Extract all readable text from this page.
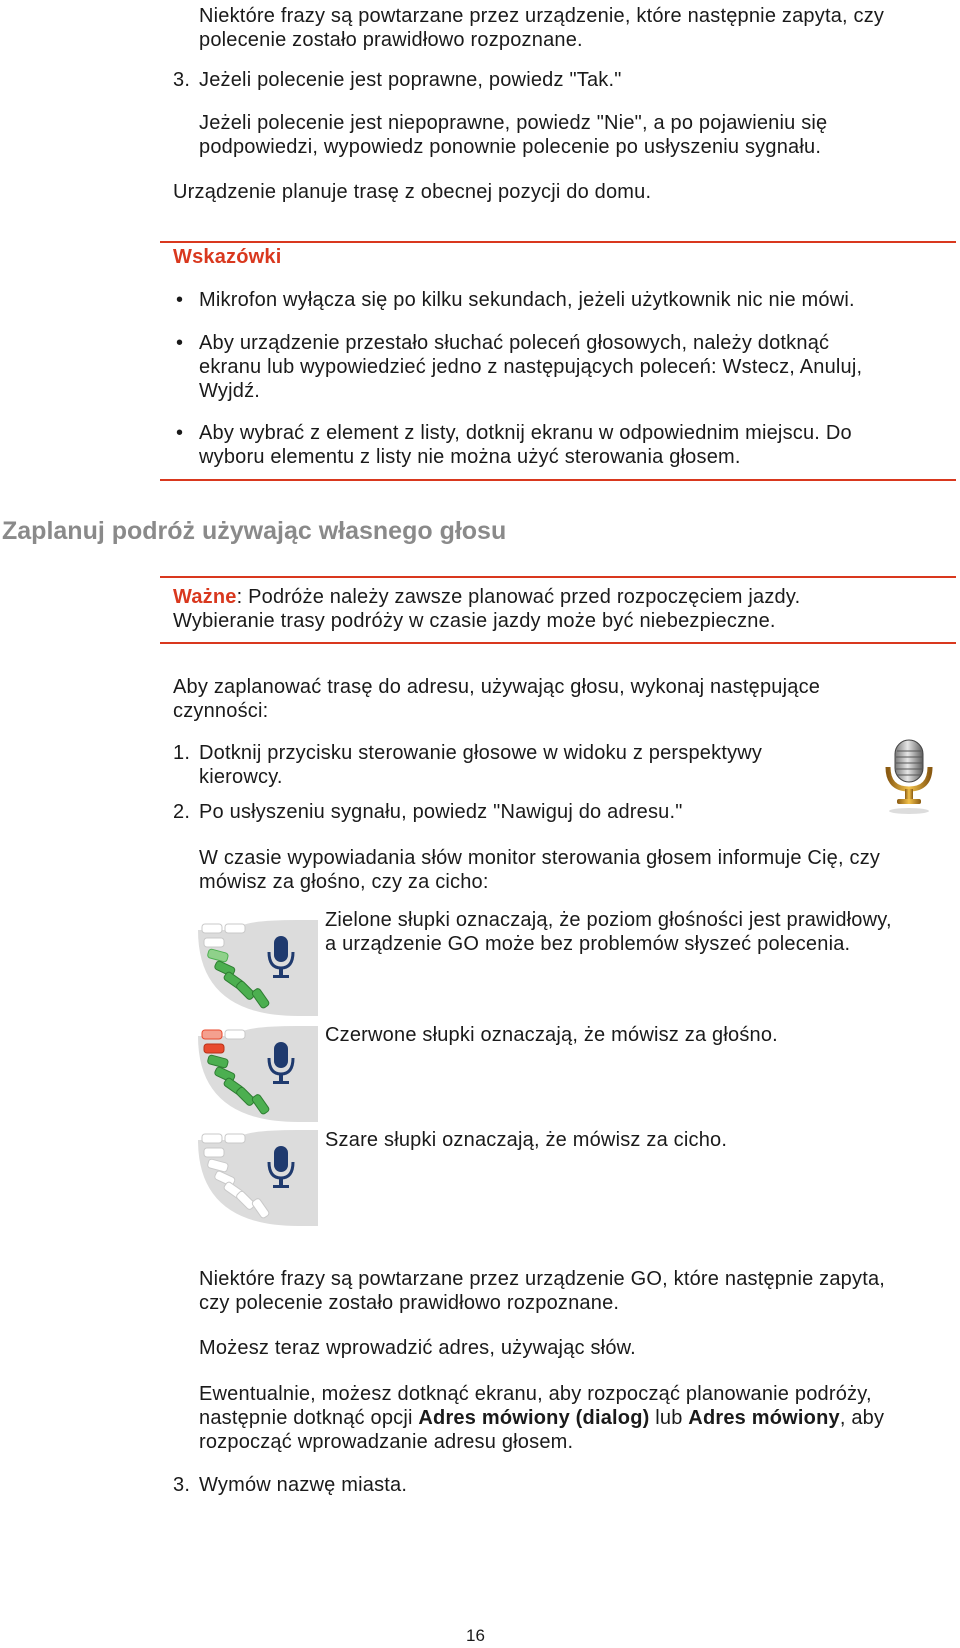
Niektóre frazy są powtarzane przez urządzenie, które następnie zapyta, czy
polecenie zostało prawidłowo rozpoznane.
3. Jeżeli polecenie jest poprawne, powiedz "Tak."
Jeżeli polecenie jest niepoprawne, powiedz "Nie", a po pojawieniu się
podpowiedzi, wypowiedz ponownie polecenie po usłyszeniu sygnału.
Urządzenie planuje trasę z obecnej pozycji do domu.
Wskazówki
• Mikrofon wyłącza się po kilku sekundach, jeżeli użytkownik nic nie mówi.
• Aby urządzenie przestało słuchać poleceń głosowych, należy dotknąć
ekranu lub wypowiedzieć jedno z następujących poleceń: Wstecz, Anuluj,
Wyjdź.
• Aby wybrać z element z listy, dotknij ekranu w odpowiednim miejscu. Do
wyboru elementu z listy nie można użyć sterowania głosem.
Zaplanuj podróż używając własnego głosu
Ważne: Podróże należy zawsze planować przed rozpoczęciem jazdy.
Wybieranie trasy podróży w czasie jazdy może być niebezpieczne.
Aby zaplanować trasę do adresu, używając głosu, wykonaj następujące
czynności:
1. Dotknij przycisku sterowanie głosowe w widoku z perspektywy
kierowcy.
2. Po usłyszeniu sygnału, powiedz "Nawiguj do adresu."
W czasie wypowiadania słów monitor sterowania głosem informuje Cię, czy
mówisz za głośno, czy za cicho:
Zielone słupki oznaczają, że poziom głośności jest prawidłowy,
a urządzenie GO może bez problemów słyszeć polecenia.
Czerwone słupki oznaczają, że mówisz za głośno.
Szare słupki oznaczają, że mówisz za cicho.
Niektóre frazy są powtarzane przez urządzenie GO, które następnie zapyta,
czy polecenie zostało prawidłowo rozpoznane.
Możesz teraz wprowadzić adres, używając słów.
Ewentualnie, możesz dotknąć ekranu, aby rozpocząć planowanie podróży,
następnie dotknąć opcji Adres mówiony (dialog) lub Adres mówiony, aby
rozpocząć wprowadzanie adresu głosem.
3. Wymów nazwę miasta.
16
